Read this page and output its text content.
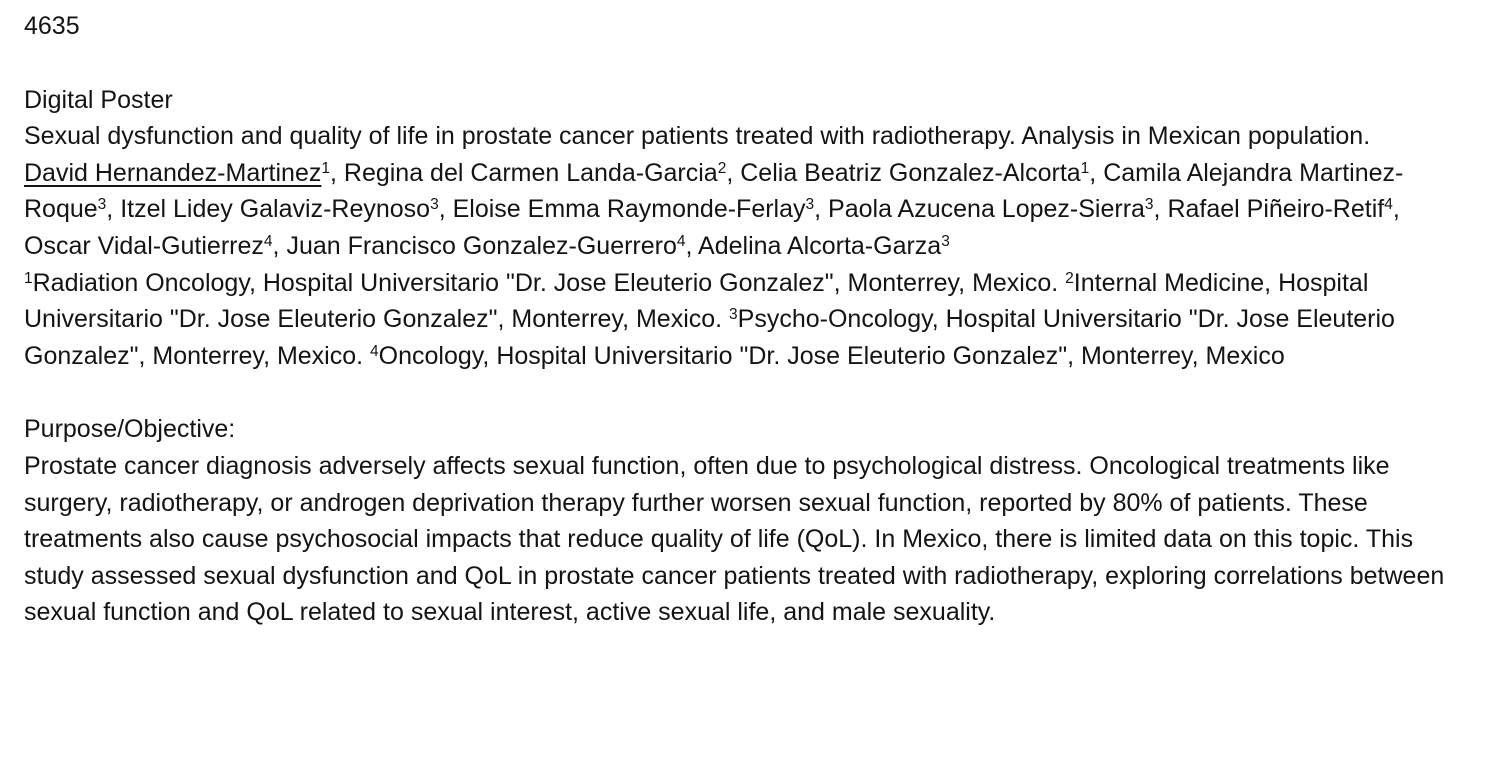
4635

Digital Poster

Sexual dysfunction and quality of life in prostate cancer patients treated with radiotherapy. Analysis in Mexican population.

David Hernandez-Martinez$^1$, Regina del Carmen Landa-Garcia$^2$, Celia Beatriz Gonzalez-Alcorta$^1$, Camila Alejandra Martinez-Roque$^3$, Itzel Lidey Galaviz-Reynoso$^3$, Eloise Emma Raymonde-Ferlay$^3$, Paola Azucena Lopez-Sierra$^3$, Rafael Piñeiro-Retif$^4$, Oscar Vidal-Gutierrez$^4$, Juan Francisco Gonzalez-Guerrero$^4$, Adelina Alcorta-Garza$^3$

$^1$Radiation Oncology, Hospital Universitario "Dr. Jose Eleuterio Gonzalez", Monterrey, Mexico. $^2$Internal Medicine, Hospital Universitario "Dr. Jose Eleuterio Gonzalez", Monterrey, Mexico. $^3$Psycho-Oncology, Hospital Universitario "Dr. Jose Eleuterio Gonzalez", Monterrey, Mexico. $^4$Oncology, Hospital Universitario "Dr. Jose Eleuterio Gonzalez", Monterrey, Mexico

Purpose/Objective:

Prostate cancer diagnosis adversely affects sexual function, often due to psychological distress. Oncological treatments like surgery, radiotherapy, or androgen deprivation therapy further worsen sexual function, reported by 80% of patients. These treatments also cause psychosocial impacts that reduce quality of life (QoL). In Mexico, there is limited data on this topic. This study assessed sexual dysfunction and QoL in prostate cancer patients treated with radiotherapy, exploring correlations between sexual function and QoL related to sexual interest, active sexual life, and male sexuality.
